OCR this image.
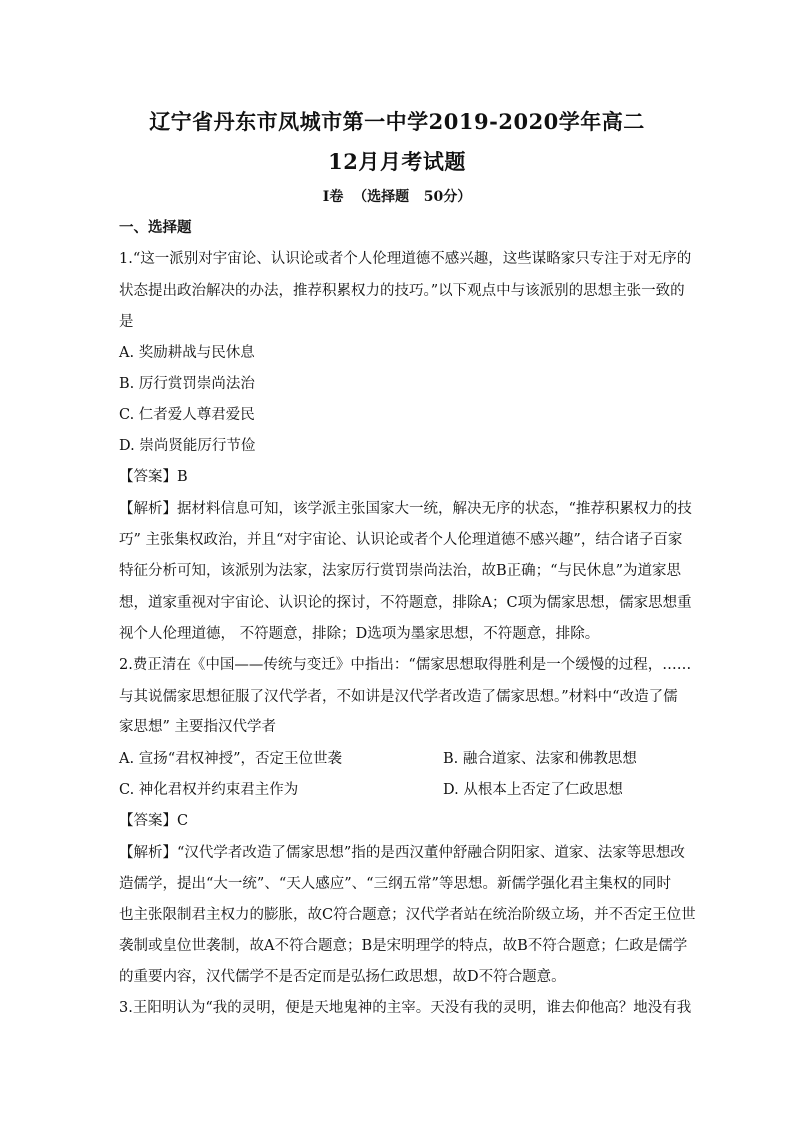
辽宁省丹东市凤城市第一中学2019-2020学年高二
12月月考试题
I卷  （选择题   50分）
一、选择题
1.“这一派别对宇宙论、认识论或者个人伦理道德不感兴趣，这些谋略家只专注于对无序的
状态提出政治解决的办法，推荐积累权力的技巧。”以下观点中与该派别的思想主张一致的
是
A. 奖励耕战与民休息
B. 厉行赏罚崇尚法治
C. 仁者爱人尊君爱民
D. 崇尚贤能厉行节俭
【答案】B
【解析】据材料信息可知，该学派主张国家大一统，解决无序的状态，“推荐积累权力的技
巧” 主张集权政治，并且“对宇宙论、认识论或者个人伦理道德不感兴趣”，结合诸子百家
特征分析可知，该派别为法家，法家厉行赏罚崇尚法治，故B正确；“与民休息”为道家思
想，道家重视对宇宙论、认识论的探讨，不符题意，排除A；C项为儒家思想，儒家思想重
视个人伦理道德， 不符题意，排除；D选项为墨家思想，不符题意，排除。
2.费正清在《中国——传统与变迁》中指出：“儒家思想取得胜利是一个缓慢的过程，……
与其说儒家思想征服了汉代学者，不如讲是汉代学者改造了儒家思想。”材料中“改造了儒
家思想” 主要指汉代学者
A. 宣扬“君权神授”，否定王位世袭	B. 融合道家、法家和佛教思想
C. 神化君权并约束君主作为	D. 从根本上否定了仁政思想
【答案】C
【解析】“汉代学者改造了儒家思想”指的是西汉董仲舒融合阴阳家、道家、法家等思想改
造儒学，提出“大一统”、“天人感应”、“三纲五常”等思想。新儒学强化君主集权的同时
也主张限制君主权力的膨胀，故C符合题意；汉代学者站在统治阶级立场，并不否定王位世
袭制或皇位世袭制，故A不符合题意；B是宋明理学的特点，故B不符合题意；仁政是儒学
的重要内容，汉代儒学不是否定而是弘扬仁政思想，故D不符合题意。
3.王阳明认为“我的灵明，便是天地鬼神的主宰。天没有我的灵明，谁去仰他高？地没有我
